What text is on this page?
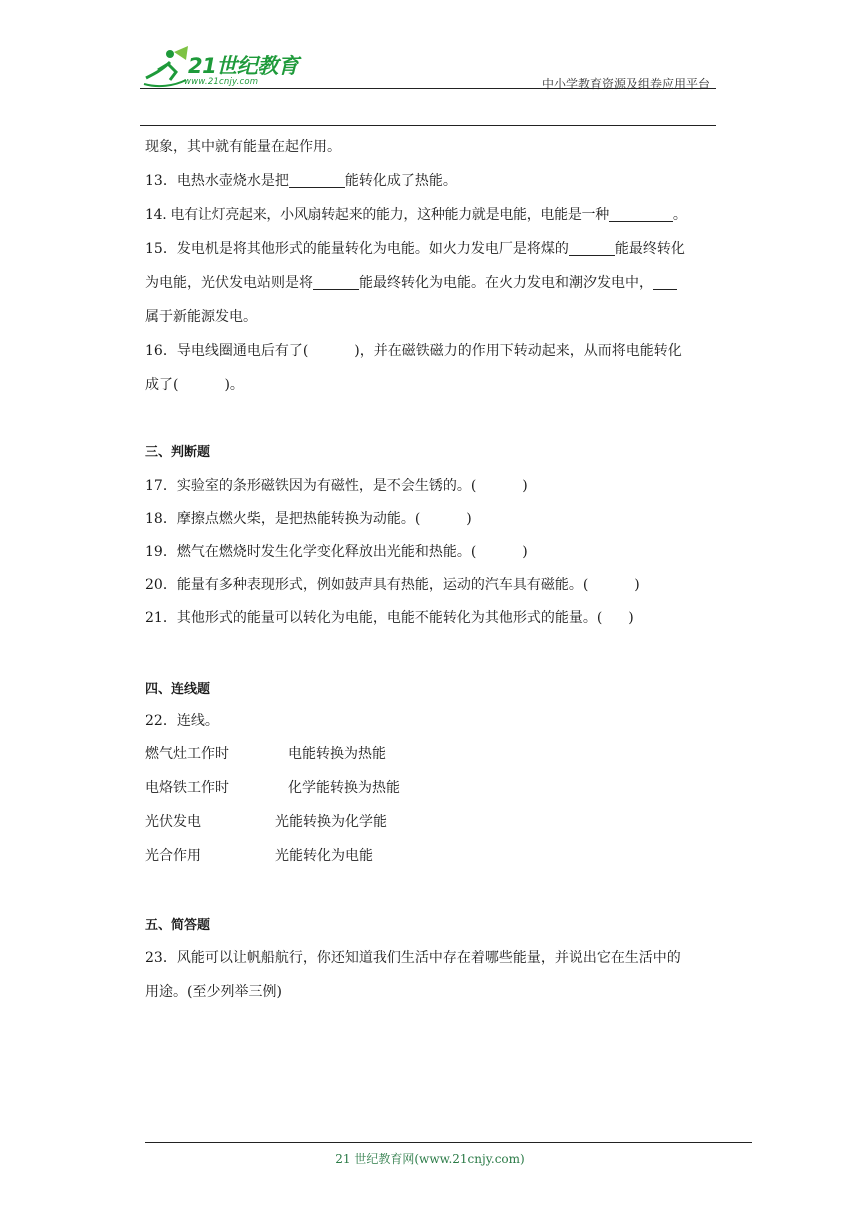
21世纪教育
www.21cnjy.com	中小学教育资源及组卷应用平台
现象，其中就有能量在起作用。
13．电热水壶烧水是把	能转化成了热能。
14. 电有让灯亮起来，小风扇转起来的能力，这种能力就是电能，电能是一种	。
15．发电机是将其他形式的能量转化为电能。如火力发电厂是将煤的	能最终转化
为电能，光伏发电站则是将	能最终转化为电能。在火力发电和潮汐发电中，
属于新能源发电。
16．导电线圈通电后有了(	)，并在磁铁磁力的作用下转动起来，从而将电能转化
成了(	)。
三、判断题
17．实验室的条形磁铁因为有磁性，是不会生锈的。(	)
18．摩擦点燃火柴，是把热能转换为动能。(	)
19．燃气在燃烧时发生化学变化释放出光能和热能。(	)
20．能量有多种表现形式，例如鼓声具有热能，运动的汽车具有磁能。(	)
21．其他形式的能量可以转化为电能，电能不能转化为其他形式的能量。( )
四、连线题
22．连线。
燃气灶工作时	电能转换为热能
电烙铁工作时	化学能转换为热能
光伏发电	光能转换为化学能
光合作用	光能转化为电能
五、简答题
23．风能可以让帆船航行，你还知道我们生活中存在着哪些能量，并说出它在生活中的
用途。(至少列举三例)
21 世纪教育网(www.21cnjy.com)
